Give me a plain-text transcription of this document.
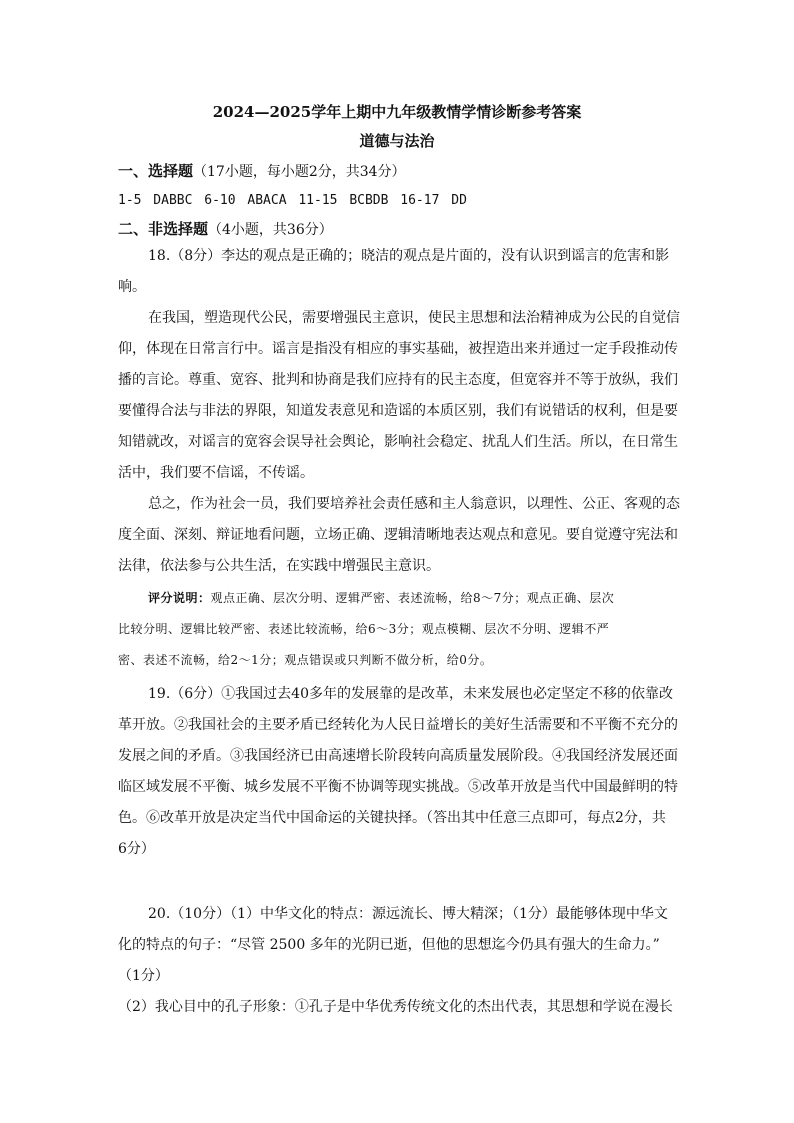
2024—2025学年上期中九年级教情学情诊断参考答案
道德与法治
一、选择题（17小题，每小题2分，共34分）
1-5 DABBC 6-10 ABACA 11-15 BCBDB 16-17 DD
二、非选择题（4小题，共36分）
18.（8分）李达的观点是正确的；晓洁的观点是片面的，没有认识到谣言的危害和影
响。
在我国，塑造现代公民，需要增强民主意识，使民主思想和法治精神成为公民的自觉信
仰，体现在日常言行中。谣言是指没有相应的事实基础，被捏造出来并通过一定手段推动传
播的言论。尊重、宽容、批判和协商是我们应持有的民主态度，但宽容并不等于放纵，我们
要懂得合法与非法的界限，知道发表意见和造谣的本质区别，我们有说错话的权利，但是要
知错就改，对谣言的宽容会误导社会舆论，影响社会稳定、扰乱人们生活。所以，在日常生
活中，我们要不信谣，不传谣。
总之，作为社会一员，我们要培养社会责任感和主人翁意识，以理性、公正、客观的态
度全面、深刻、辩证地看问题，立场正确、逻辑清晰地表达观点和意见。要自觉遵守宪法和
法律，依法参与公共生活，在实践中增强民主意识。
评分说明：观点正确、层次分明、逻辑严密、表述流畅，给8～7分；观点正确、层次
比较分明、逻辑比较严密、表述比较流畅，给6～3分；观点模糊、层次不分明、逻辑不严
密、表述不流畅，给2～1分；观点错误或只判断不做分析，给0分。
19.（6分）①我国过去40多年的发展靠的是改革，未来发展也必定坚定不移的依靠改
革开放。②我国社会的主要矛盾已经转化为人民日益增长的美好生活需要和不平衡不充分的
发展之间的矛盾。③我国经济已由高速增长阶段转向高质量发展阶段。④我国经济发展还面
临区域发展不平衡、城乡发展不平衡不协调等现实挑战。⑤改革开放是当代中国最鲜明的特
色。⑥改革开放是决定当代中国命运的关键抉择。（答出其中任意三点即可，每点2分，共
6分）
20.（10分）（1）中华文化的特点：源远流长、博大精深；（1分）最能够体现中华文
化的特点的句子：“尽管 2500 多年的光阴已逝，但他的思想迄今仍具有强大的生命力。”
（1分）
（2）我心目中的孔子形象：①孔子是中华优秀传统文化的杰出代表，其思想和学说在漫长
